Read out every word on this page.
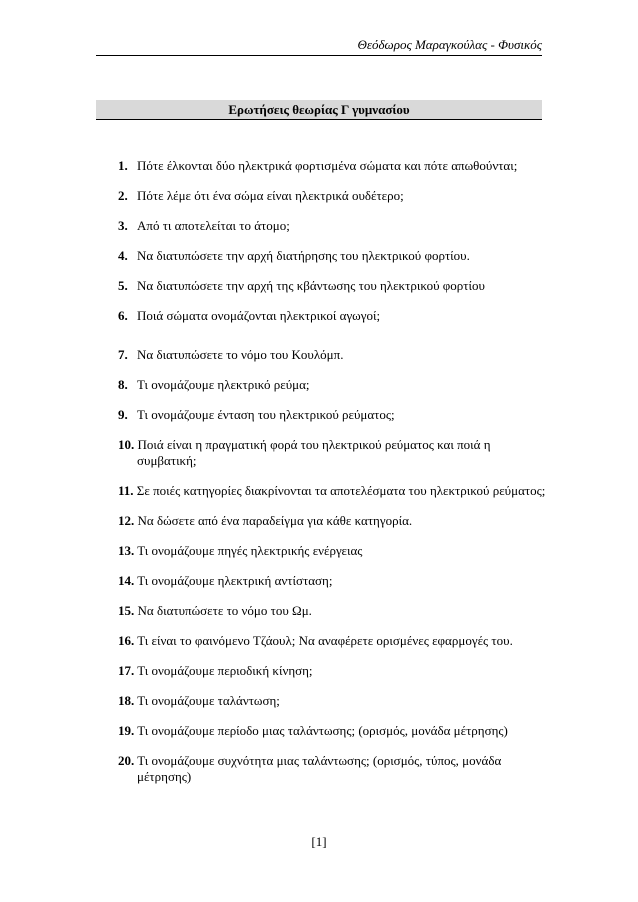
Θεόδωρος Μαραγκούλας - Φυσικός
Ερωτήσεις θεωρίας Γ γυμνασίου
1. Πότε έλκονται δύο ηλεκτρικά φορτισμένα σώματα και πότε απωθούνται;
2. Πότε λέμε ότι ένα σώμα είναι ηλεκτρικά ουδέτερο;
3. Από τι αποτελείται το άτομο;
4. Να διατυπώσετε την αρχή διατήρησης του ηλεκτρικού φορτίου.
5. Να διατυπώσετε την αρχή της κβάντωσης του ηλεκτρικού φορτίου
6. Ποιά σώματα ονομάζονται ηλεκτρικοί αγωγοί;
7. Να διατυπώσετε το νόμο του Κουλόμπ.
8. Τι ονομάζουμε ηλεκτρικό ρεύμα;
9. Τι ονομάζουμε ένταση του ηλεκτρικού ρεύματος;
10. Ποιά είναι η πραγματική φορά του ηλεκτρικού ρεύματος και ποιά η
συμβατική;
11. Σε ποιές κατηγορίες διακρίνονται τα αποτελέσματα του ηλεκτρικού ρεύματος;
12. Να δώσετε από ένα παραδείγμα για κάθε κατηγορία.
13. Τι ονομάζουμε πηγές ηλεκτρικής ενέργειας
14. Τι ονομάζουμε ηλεκτρική αντίσταση;
15. Να διατυπώσετε το νόμο του Ωμ.
16. Τι είναι το φαινόμενο Τζάουλ; Να αναφέρετε ορισμένες εφαρμογές του.
17. Τι ονομάζουμε περιοδική κίνηση;
18. Τι ονομάζουμε ταλάντωση;
19. Τι ονομάζουμε περίοδο μιας ταλάντωσης; (ορισμός, μονάδα μέτρησης)
20. Τι ονομάζουμε συχνότητα μιας ταλάντωσης; (ορισμός, τύπος, μονάδα
μέτρησης)
[1]
